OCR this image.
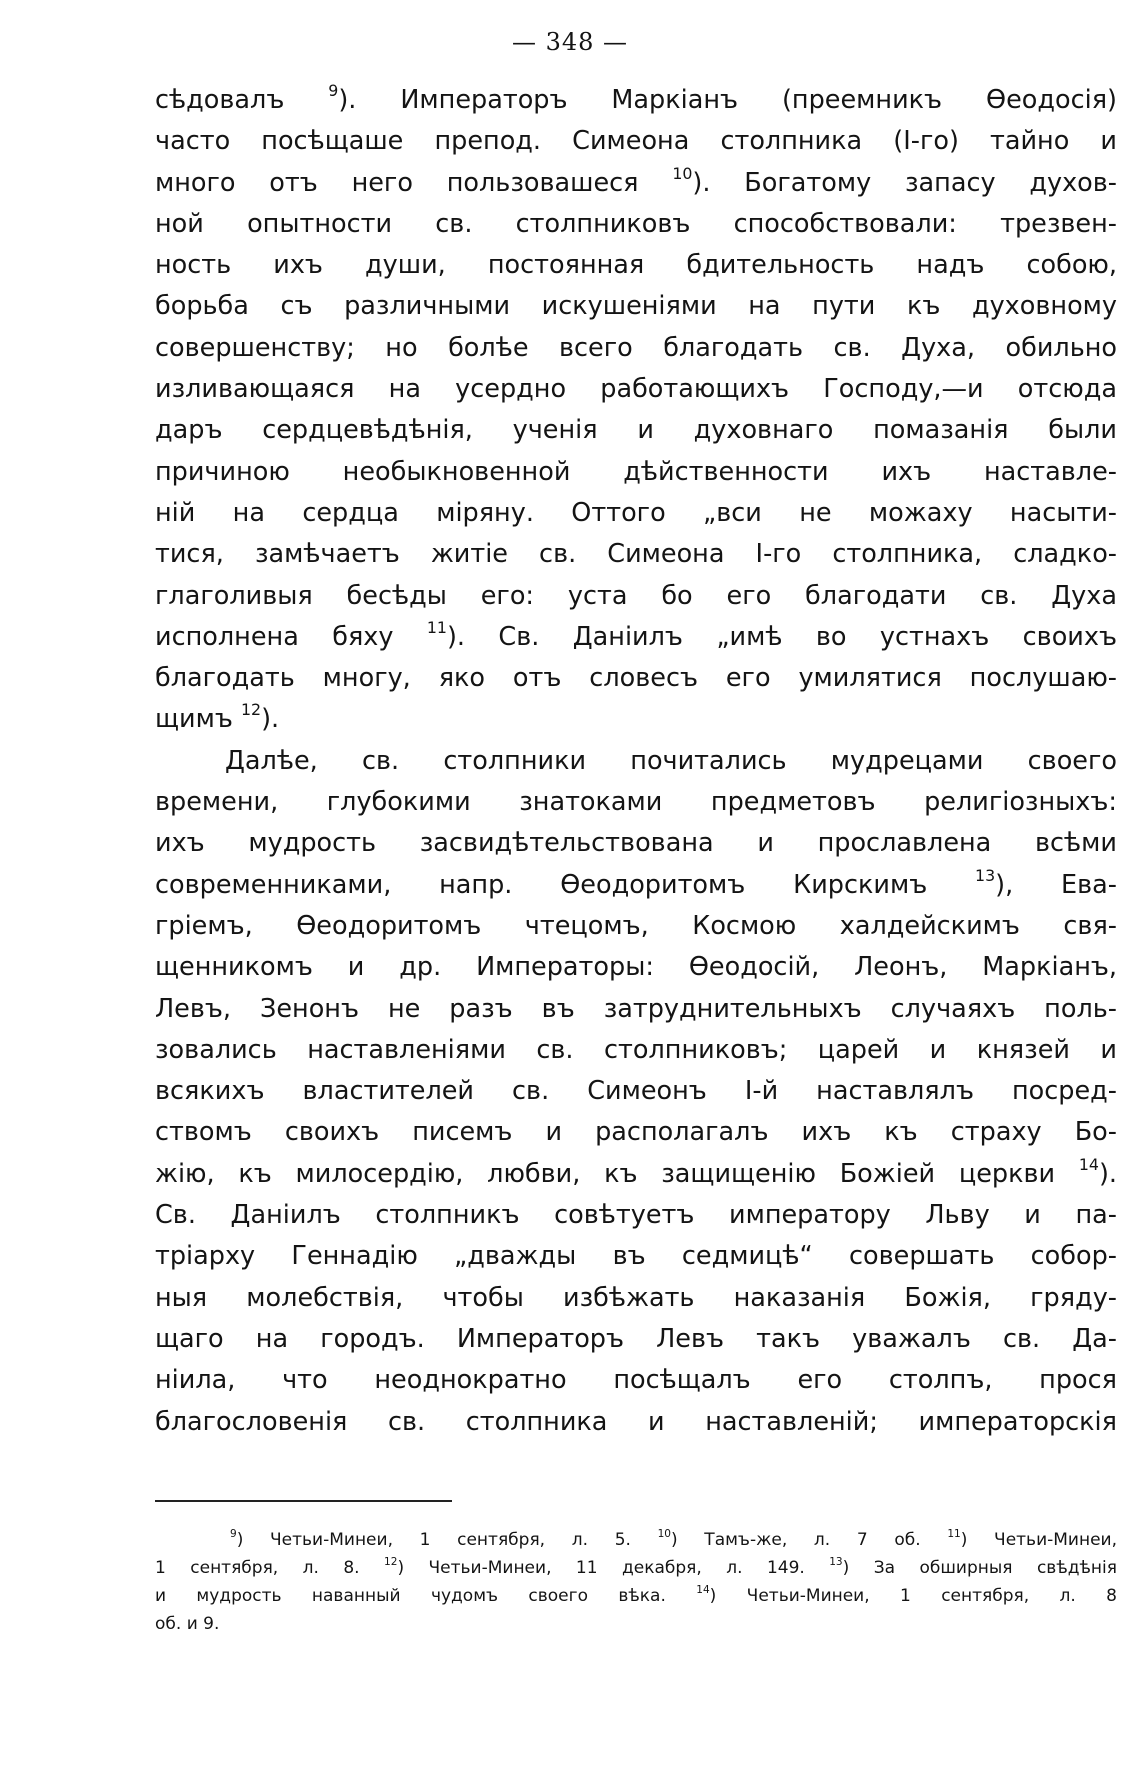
— 348 —
сѣдовалъ $^9$). Императоръ Маркіанъ (преемникъ Ѳеодосія)
часто посѣщаше препод. Симеона столпника (І-го) тайно и
много отъ него пользовашеся $^{10}$). Богатому запасу духов-
ной опытности св. столпниковъ способствовали: трезвен-
ность ихъ души, постоянная бдительность надъ собою,
борьба съ различными искушеніями на пути къ духовному
совершенству; но болѣе всего благодать св. Духа, обильно
изливающаяся на усердно работающихъ Господу,—и отсюда
даръ сердцевѣдѣнія, ученія и духовнаго помазанія были
причиною необыкновенной дѣйственности ихъ наставле-
ній на сердца міряну. Оттого „вси не можаху насыти-
тися, замѣчаетъ житіе св. Симеона І-го столпника, сладко-
глаголивыя бесѣды его: уста бо его благодати св. Духа
исполнена бяху $^{11}$). Св. Даніилъ „имѣ во устнахъ своихъ
благодать многу, яко отъ словесъ его умилятися послушаю-
щимъ $^{12}$).
Далѣе, св. столпники почитались мудрецами своего
времени, глубокими знатоками предметовъ религіозныхъ:
ихъ мудрость засвидѣтельствована и прославлена всѣми
современниками, напр. Ѳеодоритомъ Кирскимъ $^{13}$), Ева-
гріемъ, Ѳеодоритомъ чтецомъ, Космою халдейскимъ свя-
щенникомъ и др. Императоры: Ѳеодосій, Леонъ, Маркіанъ,
Левъ, Зенонъ не разъ въ затруднительныхъ случаяхъ поль-
зовались наставленіями св. столпниковъ; царей и князей и
всякихъ властителей св. Симеонъ І-й наставлялъ посред-
ствомъ своихъ писемъ и располагалъ ихъ къ страху Бо-
жію, къ милосердію, любви, къ защищенію Божіей церкви $^{14}$).
Св. Даніилъ столпникъ совѣтуетъ императору Льву и па-
тріарху Геннадію „дважды въ седмицѣ“ совершать собор-
ныя молебствія, чтобы избѣжать наказанія Божія, гряду-
щаго на городъ. Императоръ Левъ такъ уважалъ св. Да-
ніила, что неоднократно посѣщалъ его столпъ, прося
благословенія св. столпника и наставленій; императорскія
$^9$) Четьи-Минеи, 1 сентября, л. 5. $^{10}$) Тамъ-же, л. 7 об. $^{11}$) Четьи-Минеи,
1 сентября, л. 8. $^{12}$) Четьи-Минеи, 11 декабря, л. 149. $^{13}$) За обширныя свѣдѣнія
и мудрость наванный чудомъ своего вѣка. $^{14}$) Четьи-Минеи, 1 сентября, л. 8
об. и 9.
